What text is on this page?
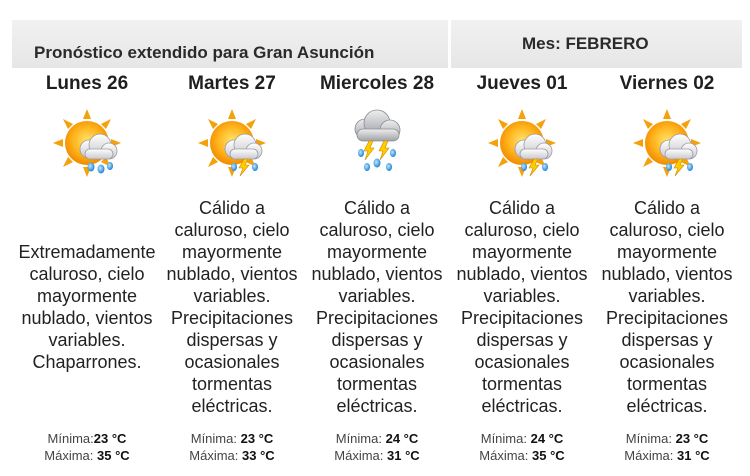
Pronóstico extendido para Gran Asunción	Mes: FEBRERO
Lunes 26
Extremadamente caluroso, cielo mayormente nublado, vientos variables. Chaparrones.
Mínima:23 °C
Máxima: 35 °C
Martes 27
Cálido a caluroso, cielo mayormente nublado, vientos variables. Precipitaciones dispersas y ocasionales tormentas eléctricas.
Mínima: 23 °C
Máxima: 33 °C
Miercoles 28
Cálido a caluroso, cielo mayormente nublado, vientos variables. Precipitaciones dispersas y ocasionales tormentas eléctricas.
Mínima: 24 °C
Máxima: 31 °C
Jueves 01
Cálido a caluroso, cielo mayormente nublado, vientos variables. Precipitaciones dispersas y ocasionales tormentas eléctricas.
Mínima: 24 °C
Máxima: 35 °C
Viernes 02
Cálido a caluroso, cielo mayormente nublado, vientos variables. Precipitaciones dispersas y ocasionales tormentas eléctricas.
Mínima: 23 °C
Máxima: 31 °C
